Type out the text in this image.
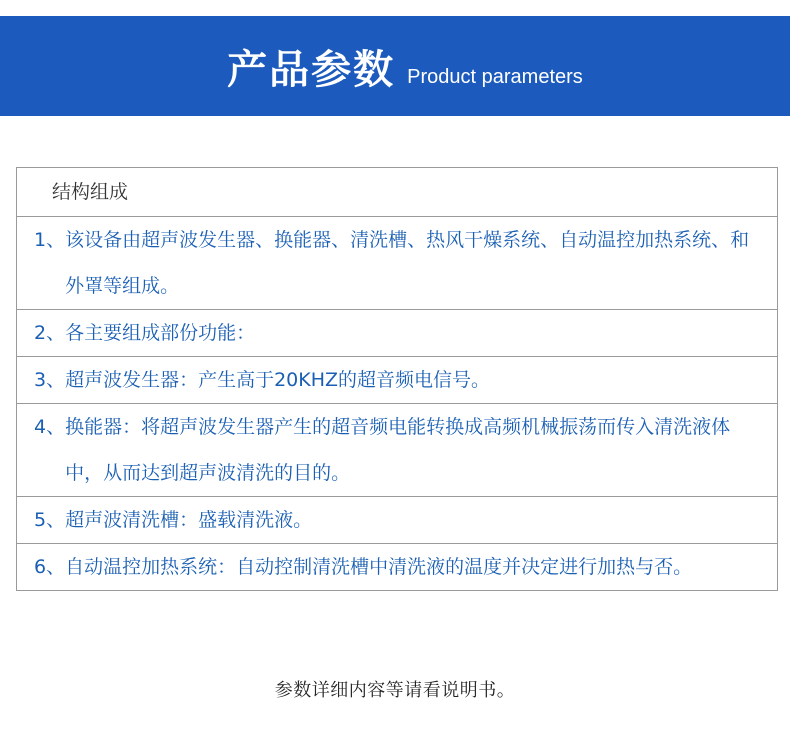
产品参数 Product parameters
结构组成
1、 该设备由超声波发生器、换能器、清洗槽、热风干燥系统、自动温控加热系统、和外罩等组成。
2、 各主要组成部份功能：
3、 超声波发生器：产生高于20KHZ的超音频电信号。
4、 换能器：将超声波发生器产生的超音频电能转换成高频机械振荡而传入清洗液体中，从而达到超声波清洗的目的。
5、 超声波清洗槽：盛载清洗液。
6、 自动温控加热系统：自动控制清洗槽中清洗液的温度并决定进行加热与否。
参数详细内容等请看说明书。
